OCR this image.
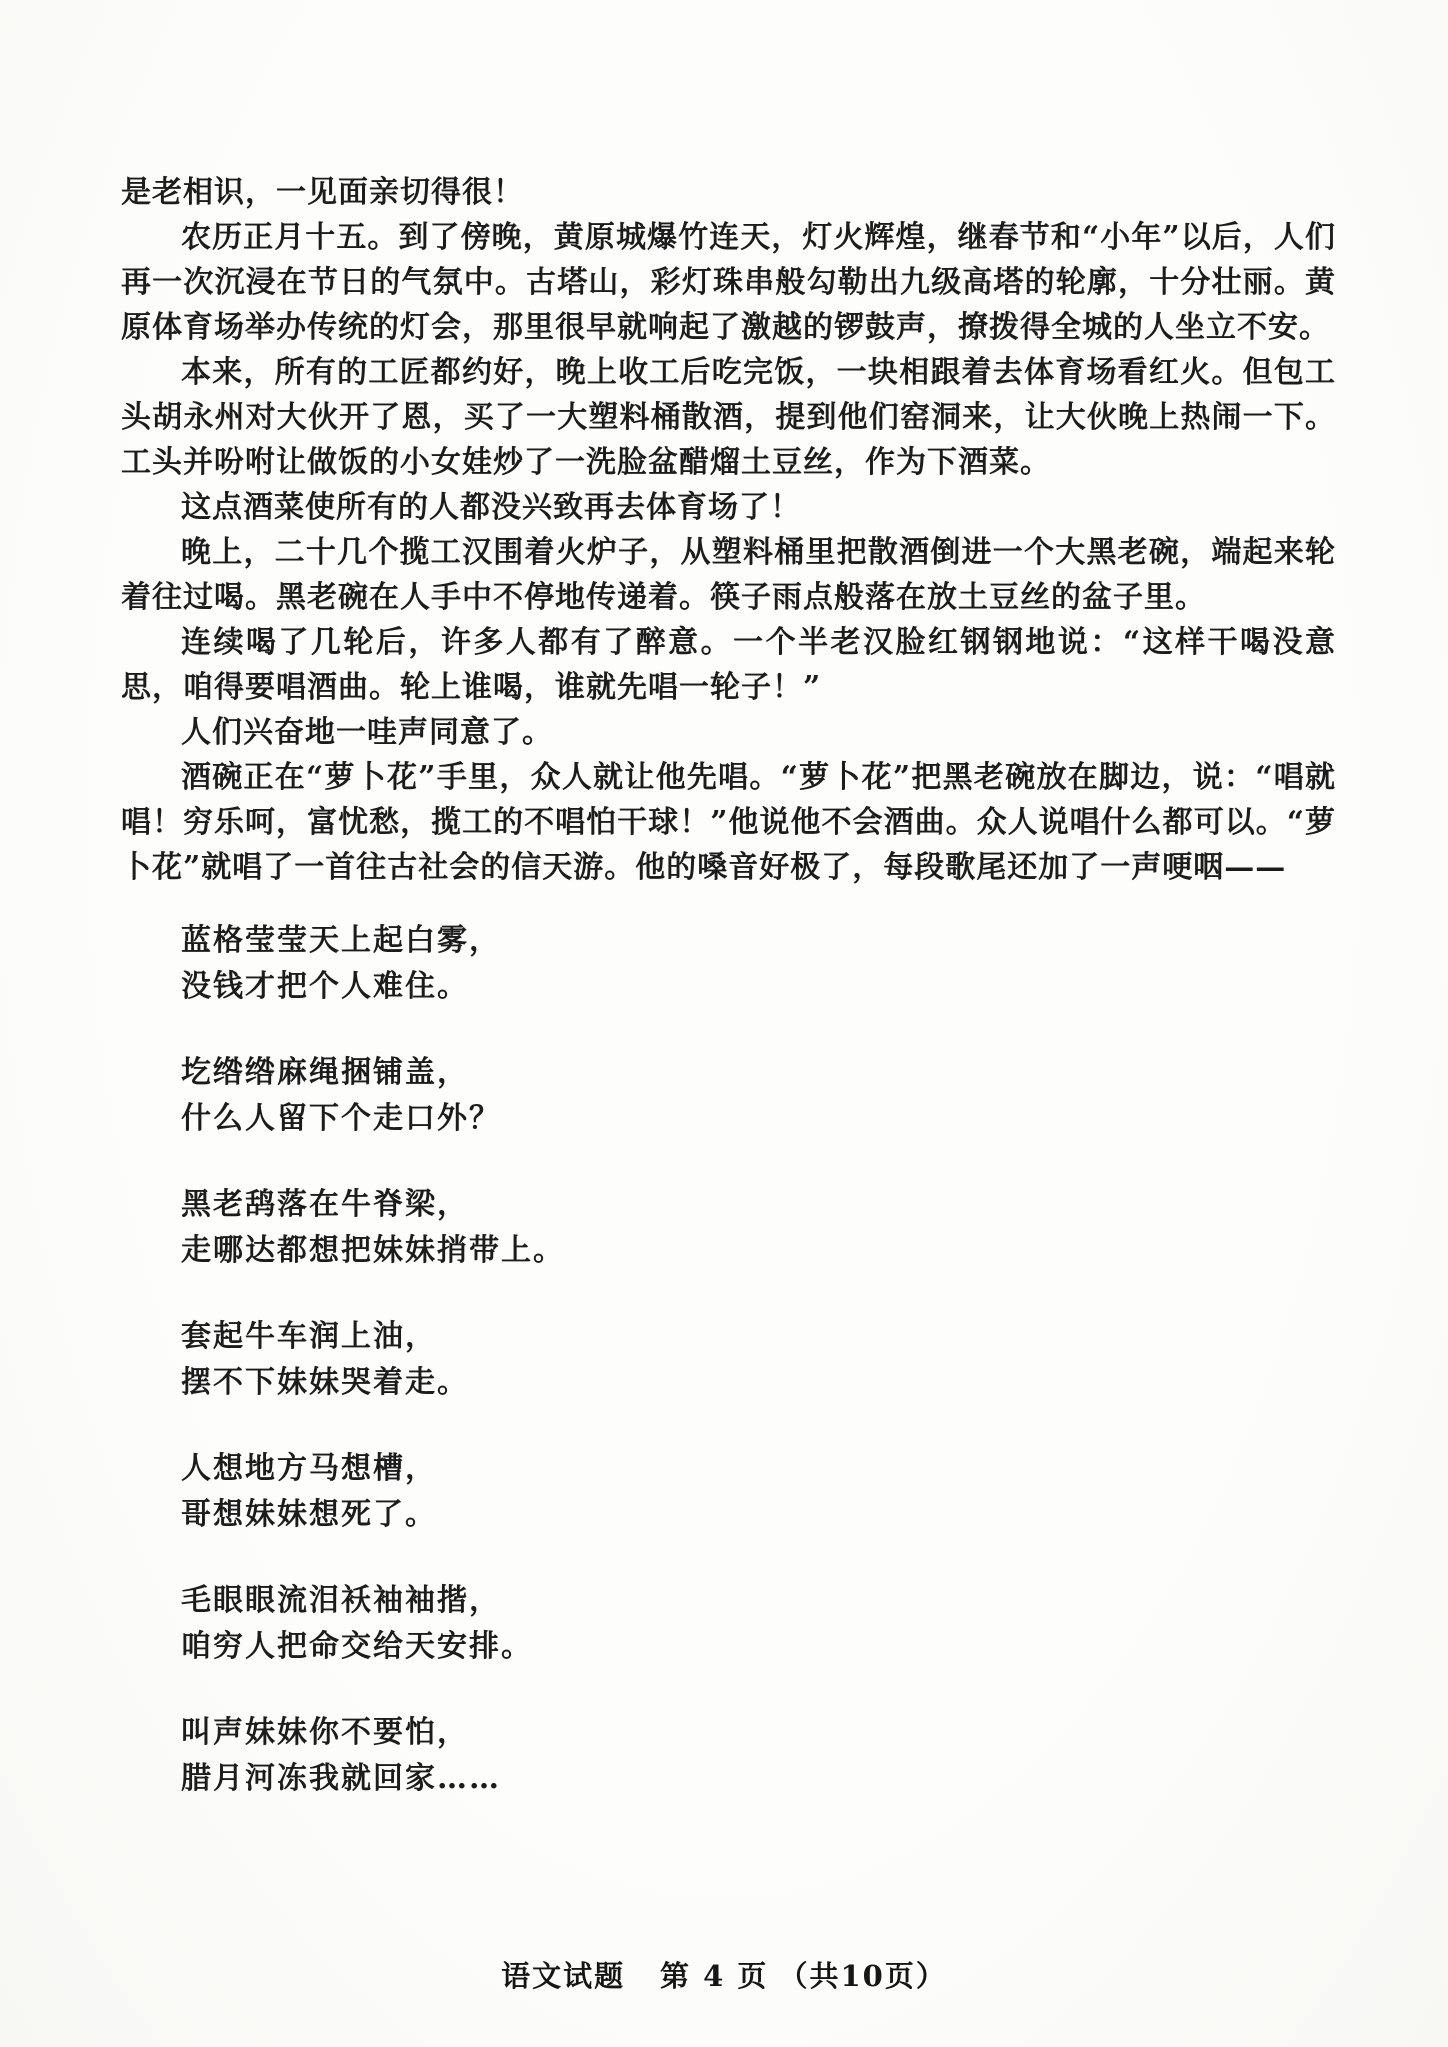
是老相识，一见面亲切得很！

农历正月十五。到了傍晚，黄原城爆竹连天，灯火辉煌，继春节和“小年”以后，人们再一次沉浸在节日的气氛中。古塔山，彩灯珠串般勾勒出九级高塔的轮廓，十分壮丽。黄原体育场举办传统的灯会，那里很早就响起了激越的锣鼓声，撩拨得全城的人坐立不安。

本来，所有的工匠都约好，晚上收工后吃完饭，一块相跟着去体育场看红火。但包工头胡永州对大伙开了恩，买了一大塑料桶散酒，提到他们窑洞来，让大伙晚上热闹一下。工头并吩咐让做饭的小女娃炒了一洗脸盆醋熘土豆丝，作为下酒菜。

这点酒菜使所有的人都没兴致再去体育场了！

晚上，二十几个揽工汉围着火炉子，从塑料桶里把散酒倒进一个大黑老碗，端起来轮着往过喝。黑老碗在人手中不停地传递着。筷子雨点般落在放土豆丝的盆子里。

连续喝了几轮后，许多人都有了醉意。一个半老汉脸红钢钢地说：“这样干喝没意思，咱得要唱酒曲。轮上谁喝，谁就先唱一轮子！”

人们兴奋地一哇声同意了。

酒碗正在“萝卜花”手里，众人就让他先唱。“萝卜花”把黑老碗放在脚边，说：“唱就唱！穷乐呵，富忧愁，揽工的不唱怕干球！”他说他不会酒曲。众人说唱什么都可以。“萝卜花”就唱了一首往古社会的信天游。他的嗓音好极了，每段歌尾还加了一声哽咽——

蓝格莹莹天上起白雾，

没钱才把个人难住。

圪绺绺麻绳捆铺盖，

什么人留下个走口外？

黑老鸹落在牛脊梁，

走哪达都想把妹妹捎带上。

套起牛车润上油，

摆不下妹妹哭着走。

人想地方马想槽，

哥想妹妹想死了。

毛眼眼流泪袄袖袖揩，

咱穷人把命交给天安排。

叫声妹妹你不要怕，

腊月河冻我就回家……

语文试题 第 4 页 （共10页）
